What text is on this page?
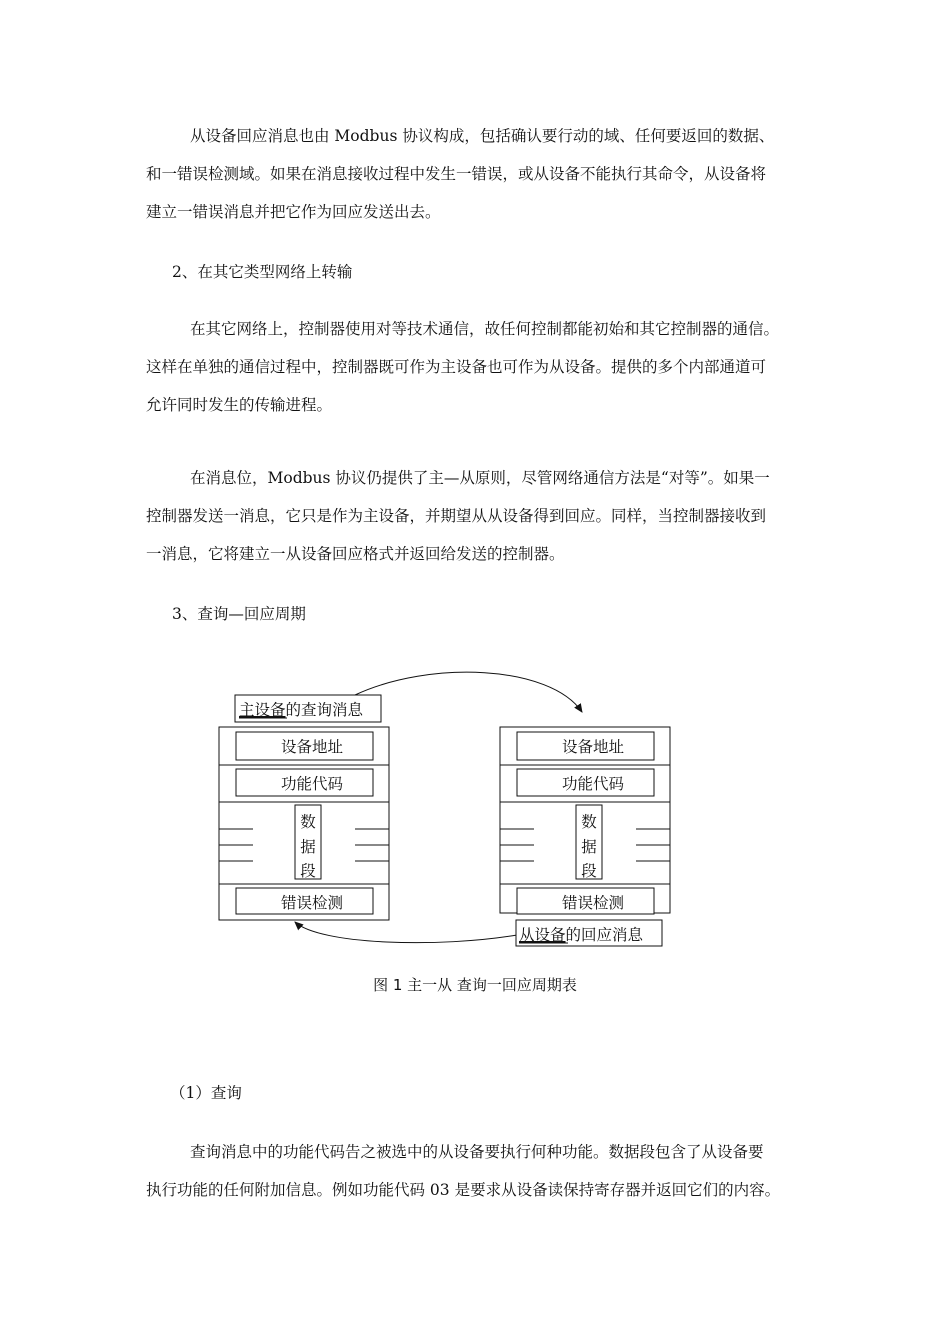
从设备回应消息也由 Modbus 协议构成，包括确认要行动的域、任何要返回的数据、
和一错误检测域。如果在消息接收过程中发生一错误，或从设备不能执行其命令，从设备将
建立一错误消息并把它作为回应发送出去。

2、在其它类型网络上转输

在其它网络上，控制器使用对等技术通信，故任何控制都能初始和其它控制器的通信。
这样在单独的通信过程中，控制器既可作为主设备也可作为从设备。提供的多个内部通道可
允许同时发生的传输进程。
在消息位，Modbus 协议仍提供了主—从原则，尽管网络通信方法是“对等”。如果一
控制器发送一消息，它只是作为主设备，并期望从从设备得到回应。同样，当控制器接收到
一消息，它将建立一从设备回应格式并返回给发送的控制器。

3、查询—回应周期

主设备的查询消息
设备地址
功能代码
数
据
段
错误检测
设备地址
功能代码
数
据
段
错误检测
从设备的回应消息

图 1 主一从 查询一回应周期表

（1）查询

查询消息中的功能代码告之被选中的从设备要执行何种功能。数据段包含了从设备要
执行功能的任何附加信息。例如功能代码 03 是要求从设备读保持寄存器并返回它们的内容。
